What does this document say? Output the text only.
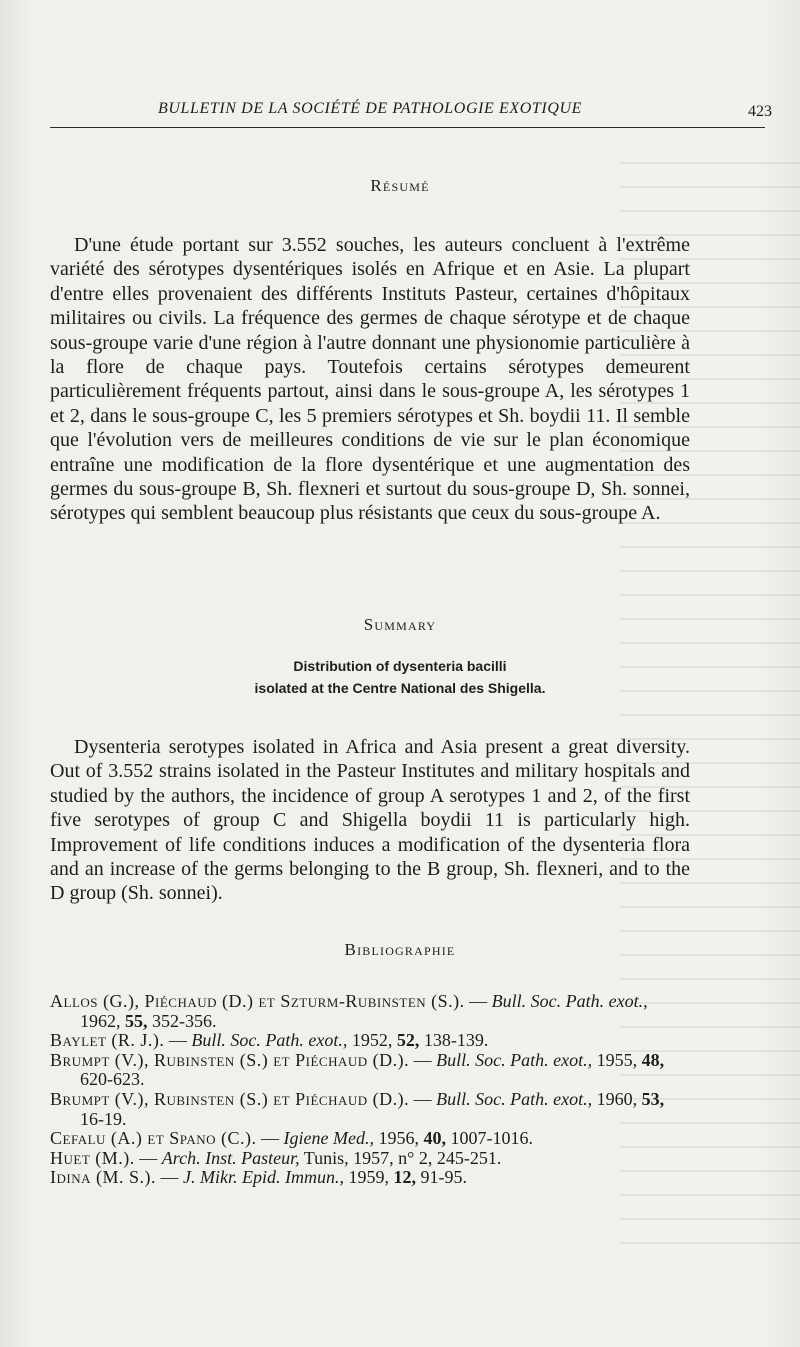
BULLETIN DE LA SOCIÉTÉ DE PATHOLOGIE EXOTIQUE	423
Résumé
D'une étude portant sur 3.552 souches, les auteurs concluent à l'extrême variété des sérotypes dysentériques isolés en Afrique et en Asie. La plupart d'entre elles provenaient des différents Instituts Pasteur, certaines d'hôpitaux militaires ou civils. La fréquence des germes de chaque sérotype et de chaque sous-groupe varie d'une région à l'autre donnant une physionomie particulière à la flore de chaque pays. Toutefois certains sérotypes demeurent particulièrement fréquents partout, ainsi dans le sous-groupe A, les sérotypes 1 et 2, dans le sous-groupe C, les 5 premiers sérotypes et Sh. boydii 11. Il semble que l'évolution vers de meilleures conditions de vie sur le plan économique entraîne une modification de la flore dysentérique et une augmentation des germes du sous-groupe B, Sh. flexneri et surtout du sous-groupe D, Sh. sonnei, sérotypes qui semblent beaucoup plus résistants que ceux du sous-groupe A.
Summary
Distribution of dysenteria bacilli
isolated at the Centre National des Shigella.
Dysenteria serotypes isolated in Africa and Asia present a great diversity. Out of 3.552 strains isolated in the Pasteur Institutes and military hospitals and studied by the authors, the incidence of group A serotypes 1 and 2, of the first five serotypes of group C and Shigella boydii 11 is particularly high. Improvement of life conditions induces a modification of the dysenteria flora and an increase of the germs belonging to the B group, Sh. flexneri, and to the D group (Sh. sonnei).
Bibliographie
Allos (G.), Piéchaud (D.) et Szturm-Rubinsten (S.). — Bull. Soc. Path. exot., 1962, 55, 352-356.
Baylet (R. J.). — Bull. Soc. Path. exot., 1952, 52, 138-139.
Brumpt (V.), Rubinsten (S.) et Piéchaud (D.). — Bull. Soc. Path. exot., 1955, 48, 620-623.
Brumpt (V.), Rubinsten (S.) et Piéchaud (D.). — Bull. Soc. Path. exot., 1960, 53, 16-19.
Cefalu (A.) et Spano (C.). — Igiene Med., 1956, 40, 1007-1016.
Huet (M.). — Arch. Inst. Pasteur, Tunis, 1957, n° 2, 245-251.
Idina (M. S.). — J. Mikr. Epid. Immun., 1959, 12, 91-95.
